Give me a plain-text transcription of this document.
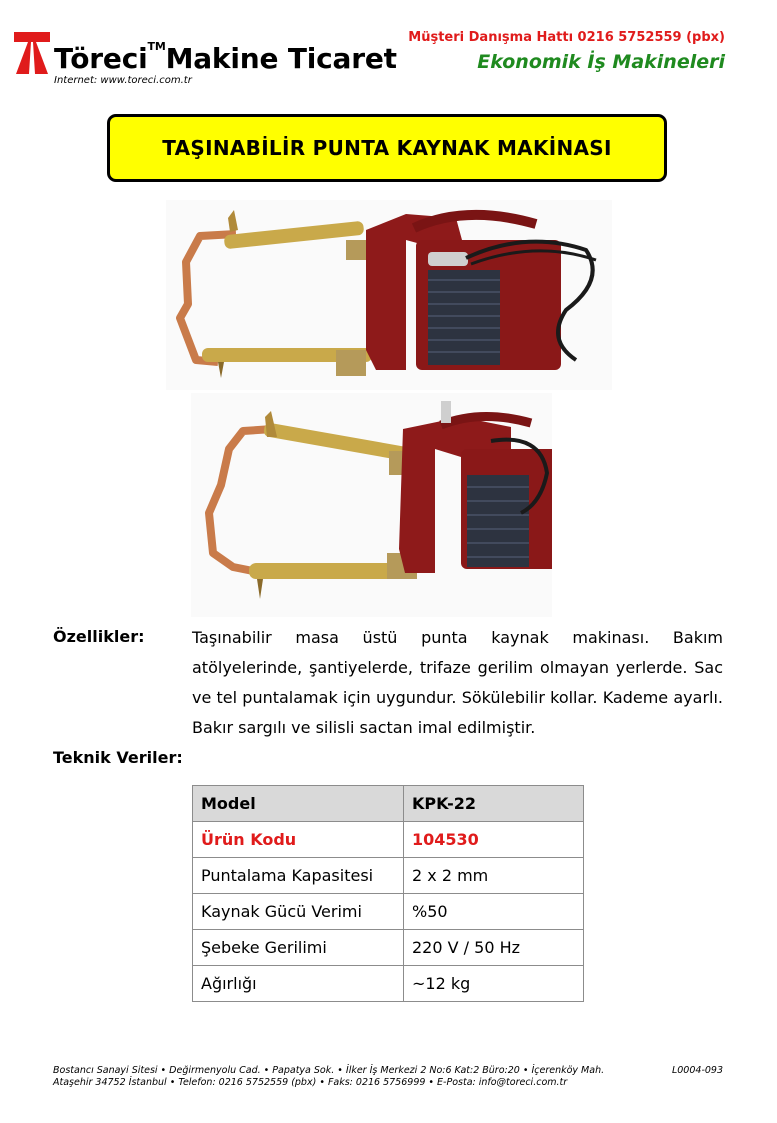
Töreci™Makine Ticaret
Internet: www.toreci.com.tr
Müşteri Danışma Hattı 0216 5752559 (pbx)
Ekonomik İş Makineleri
TAŞINABİLİR PUNTA KAYNAK MAKİNASI
Özellikler:	Taşınabilir masa üstü punta kaynak makinası. Bakım atölyelerinde, şantiyelerde, trifaze gerilim olmayan yerlerde. Sac ve tel puntalamak için uygundur. Sökülebilir kollar. Kademe ayarlı. Bakır sargılı ve silisli sactan imal edilmiştir.
Teknik Veriler:
Model	KPK-22
Ürün Kodu	104530
Puntalama Kapasitesi	2 x 2 mm
Kaynak Gücü Verimi	%50
Şebeke Gerilimi	220 V / 50 Hz
Ağırlığı	~12 kg
Bostancı Sanayi Sitesi • Değirmenyolu Cad. • Papatya Sok. • İlker İş Merkezi 2 No:6 Kat:2 Büro:20 • İçerenköy Mah.
Ataşehir 34752 İstanbul • Telefon: 0216 5752559 (pbx) • Faks: 0216 5756999 • E-Posta: info@toreci.com.tr
L0004-093
